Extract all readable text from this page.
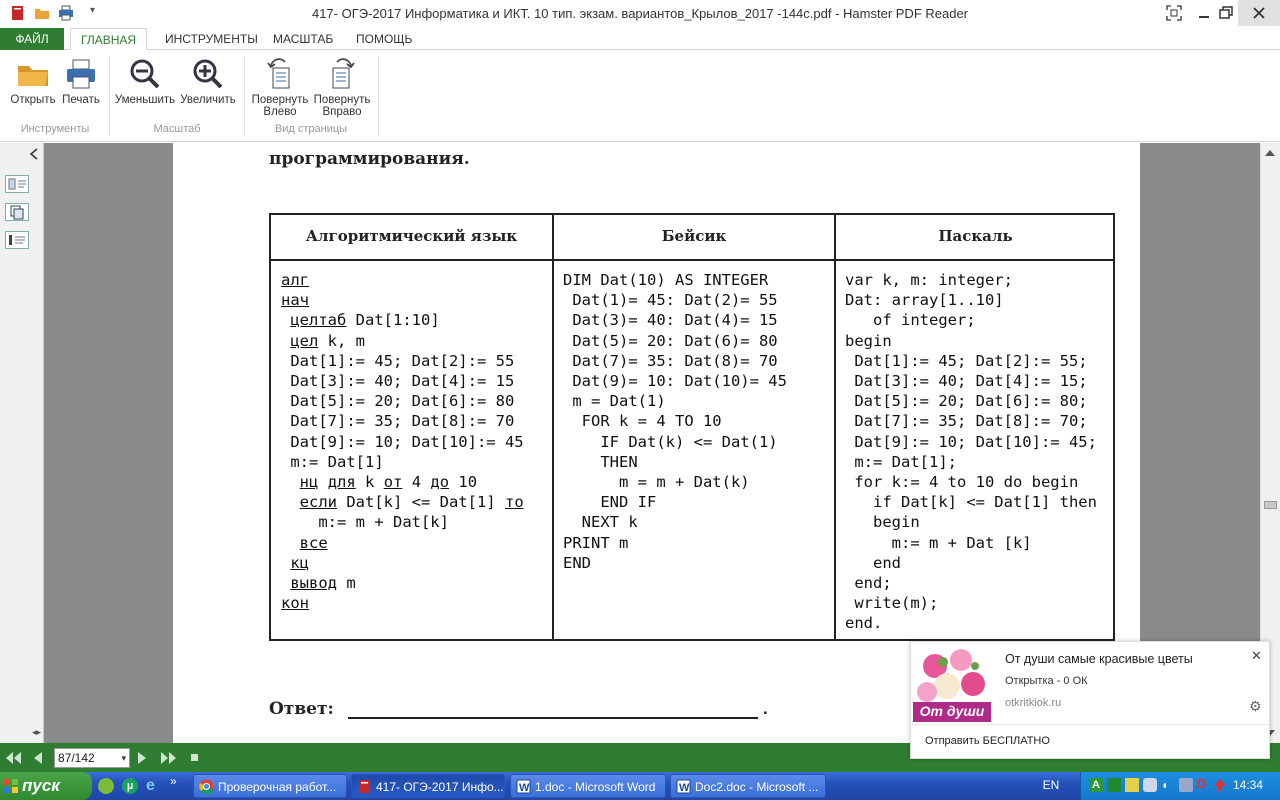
▾	417- ОГЭ-2017 Информатика и ИКТ. 10 тип. экзам. вариантов_Крылов_2017 -144с.pdf - Hamster PDF Reader
ФАЙЛ	ГЛАВНАЯ	ИНСТРУМЕНТЫ	МАСШТАБ	ПОМОЩЬ
Открыть Печать	Уменьшить Увеличить Повернуть
Влево
Повернуть
Вправо
Инструменты	Масштаб	Вид страницы
◂▸
программирования.
Алгоритмический язык	Бейсик	Паскаль
алг
нач
целтаб Dat[1:10]
цел k, m
Dat[1]:= 45; Dat[2]:= 55
Dat[3]:= 40; Dat[4]:= 15
Dat[5]:= 20; Dat[6]:= 80
Dat[7]:= 35; Dat[8]:= 70
Dat[9]:= 10; Dat[10]:= 45
m:= Dat[1]
нц для k от 4 до 10
если Dat[k] <= Dat[1] то
m:= m + Dat[k]
все
кц
вывод m
кон
DIM Dat(10) AS INTEGER
Dat(1)= 45: Dat(2)= 55
Dat(3)= 40: Dat(4)= 15
Dat(5)= 20: Dat(6)= 80
Dat(7)= 35: Dat(8)= 70
Dat(9)= 10: Dat(10)= 45
m = Dat(1)
FOR k = 4 TO 10
IF Dat(k) <= Dat(1)
THEN
m = m + Dat(k)
END IF
NEXT k
PRINT m
END
var k, m: integer;
Dat: array[1..10]
of integer;
begin
Dat[1]:= 45; Dat[2]:= 55;
Dat[3]:= 40; Dat[4]:= 15;
Dat[5]:= 20; Dat[6]:= 80;
Dat[7]:= 35; Dat[8]:= 70;
Dat[9]:= 10; Dat[10]:= 45;
m:= Dat[1];
for k:= 4 to 10 do begin
if Dat[k] <= Dat[1] then
begin
m:= m + Dat [k]
end
end;
write(m);
end.
Ответ:	.
87/142	▾
От души
От души самые красивые цветы
Открытка - 0 ОК
otkritkiok.ru
✕
⚙
Отправить БЕСПЛАТНО
пуск	µ e	»	Проверочная работ...	417- ОГЭ-2017 Инфо... W 1.doc - Microsoft Word	W Doc2.doc - Microsoft ...	EN	A	◖	D	14:34
